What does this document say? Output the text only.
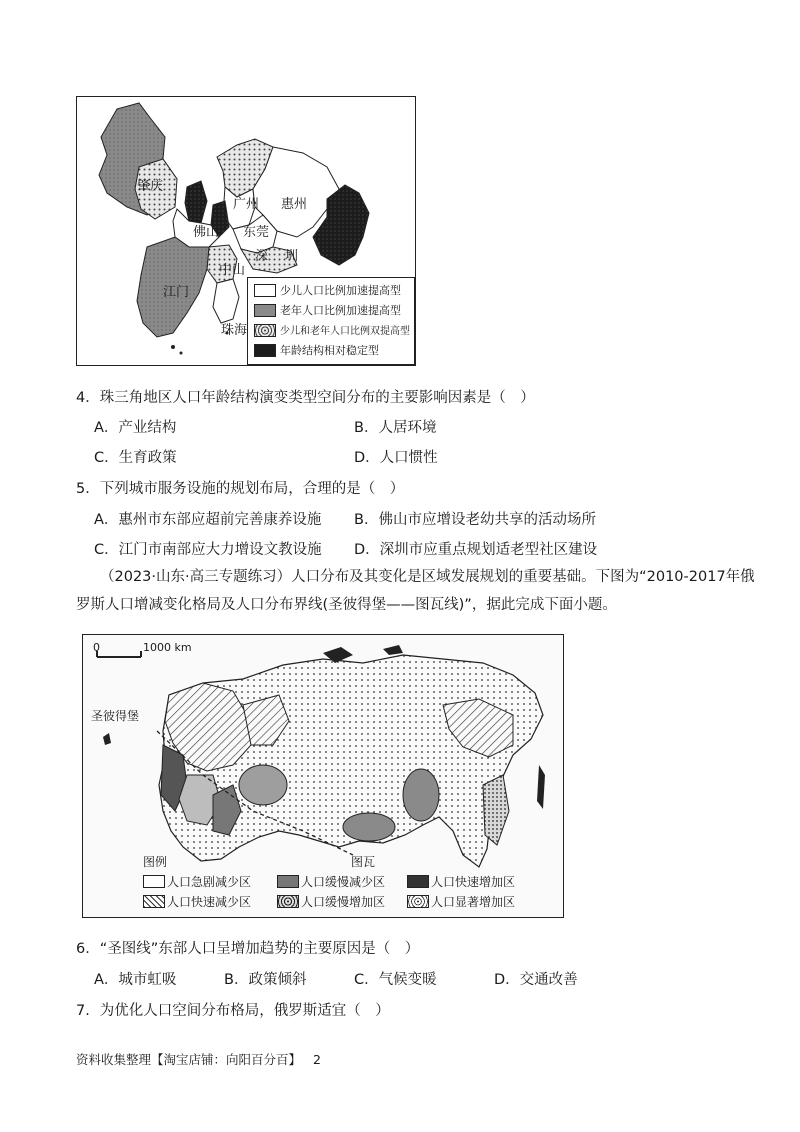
肇庆
广州 惠州
东莞
佛山
深 圳
中山
江门
珠海
少儿人口比例加速提高型
老年人口比例加速提高型
少儿和老年人口比例双提高型
年龄结构相对稳定型
4．珠三角地区人口年龄结构演变类型空间分布的主要影响因素是（　）
A．产业结构	B．人居环境
C．生育政策	D．人口惯性
5．下列城市服务设施的规划布局，合理的是（　）
A．惠州市东部应超前完善康养设施 B．佛山市应增设老幼共享的活动场所
C．江门市南部应大力增设文教设施 D．深圳市应重点规划适老型社区建设
（2023·山东·高三专题练习）人口分布及其变化是区域发展规划的重要基础。下图为“2010-2017年俄
罗斯人口增减变化格局及人口分布界线(圣彼得堡——图瓦线)”，据此完成下面小题。
0	1000 km
圣彼得堡
图瓦
图例
人口急剧减少区	人口缓慢减少区	人口快速增加区
人口快速减少区	人口缓慢增加区	人口显著增加区
6．“圣图线”东部人口呈增加趋势的主要原因是（　）
A．城市虹吸	B．政策倾斜	C．气候变暖	D．交通改善
7．为优化人口空间分布格局，俄罗斯适宜（　）
资料收集整理【淘宝店铺：向阳百分百】 2
